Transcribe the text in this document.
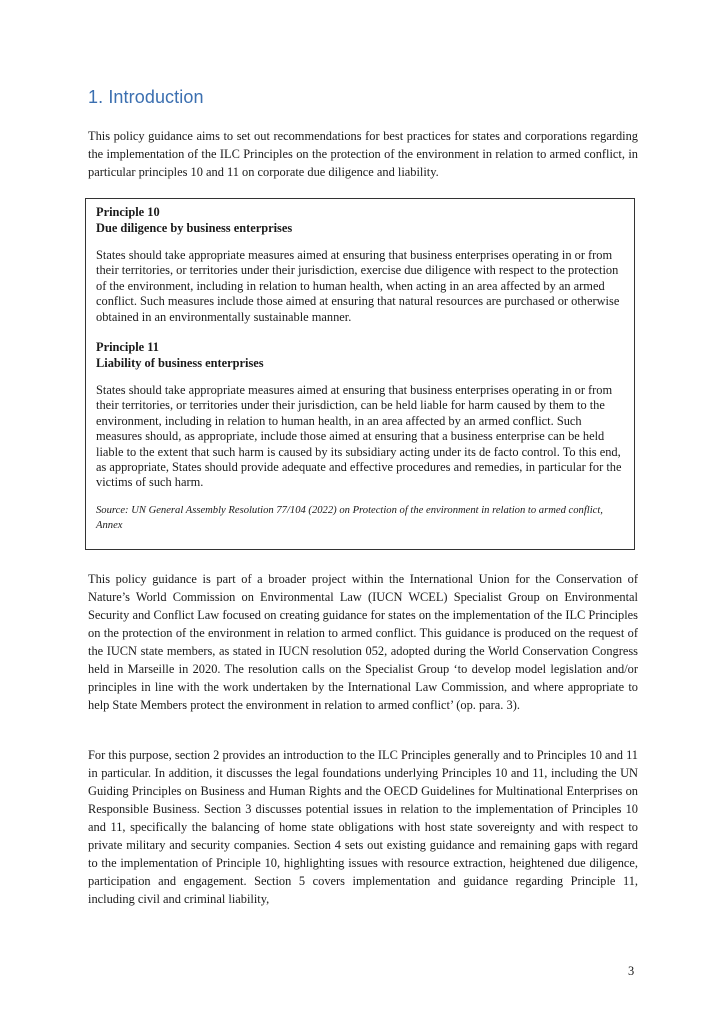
1. Introduction

This policy guidance aims to set out recommendations for best practices for states and corporations regarding the implementation of the ILC Principles on the protection of the environment in relation to armed conflict, in particular principles 10 and 11 on corporate due diligence and liability.

Principle 10

Due diligence by business enterprises

States should take appropriate measures aimed at ensuring that business enterprises operating in or from their territories, or territories under their jurisdiction, exercise due diligence with respect to the protection of the environment, including in relation to human health, when acting in an area affected by an armed conflict. Such measures include those aimed at ensuring that natural resources are purchased or otherwise obtained in an environmentally sustainable manner.

Principle 11

Liability of business enterprises

States should take appropriate measures aimed at ensuring that business enterprises operating in or from their territories, or territories under their jurisdiction, can be held liable for harm caused by them to the environment, including in relation to human health, in an area affected by an armed conflict. Such measures should, as appropriate, include those aimed at ensuring that a business enterprise can be held liable to the extent that such harm is caused by its subsidiary acting under its de facto control. To this end, as appropriate, States should provide adequate and effective procedures and remedies, in particular for the victims of such harm.

Source: UN General Assembly Resolution 77/104 (2022) on Protection of the environment in relation to armed conflict, Annex

This policy guidance is part of a broader project within the International Union for the Conservation of Nature’s World Commission on Environmental Law (IUCN WCEL) Specialist Group on Environmental Security and Conflict Law focused on creating guidance for states on the implementation of the ILC Principles on the protection of the environment in relation to armed conflict. This guidance is produced on the request of the IUCN state members, as stated in IUCN resolution 052, adopted during the World Conservation Congress held in Marseille in 2020. The resolution calls on the Specialist Group ‘to develop model legislation and/or principles in line with the work undertaken by the International Law Commission, and where appropriate to help State Members protect the environment in relation to armed conflict’ (op. para. 3).

For this purpose, section 2 provides an introduction to the ILC Principles generally and to Principles 10 and 11 in particular. In addition, it discusses the legal foundations underlying Principles 10 and 11, including the UN Guiding Principles on Business and Human Rights and the OECD Guidelines for Multinational Enterprises on Responsible Business. Section 3 discusses potential issues in relation to the implementation of Principles 10 and 11, specifically the balancing of home state obligations with host state sovereignty and with respect to private military and security companies. Section 4 sets out existing guidance and remaining gaps with regard to the implementation of Principle 10, highlighting issues with resource extraction, heightened due diligence, participation and engagement. Section 5 covers implementation and guidance regarding Principle 11, including civil and criminal liability,

3
